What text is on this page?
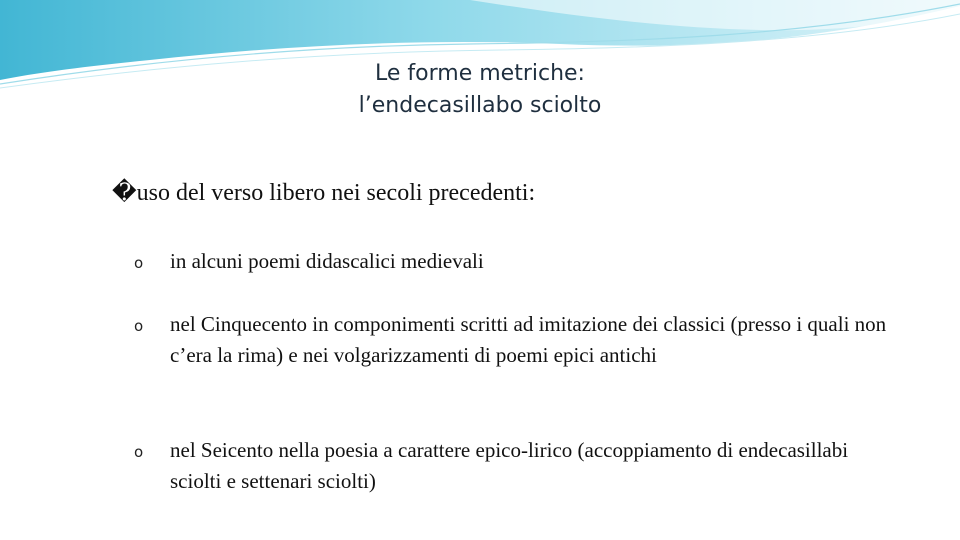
Le forme metriche:
l’endecasillabo sciolto
�uso del verso libero nei secoli precedenti:
o in alcuni poemi didascalici medievali
o nel Cinquecento in componimenti scritti ad imitazione dei classici (presso i quali non c’era la rima) e nei volgarizzamenti di poemi epici antichi
o nel Seicento nella poesia a carattere epico-lirico (accoppiamento di endecasillabi sciolti e settenari sciolti)
